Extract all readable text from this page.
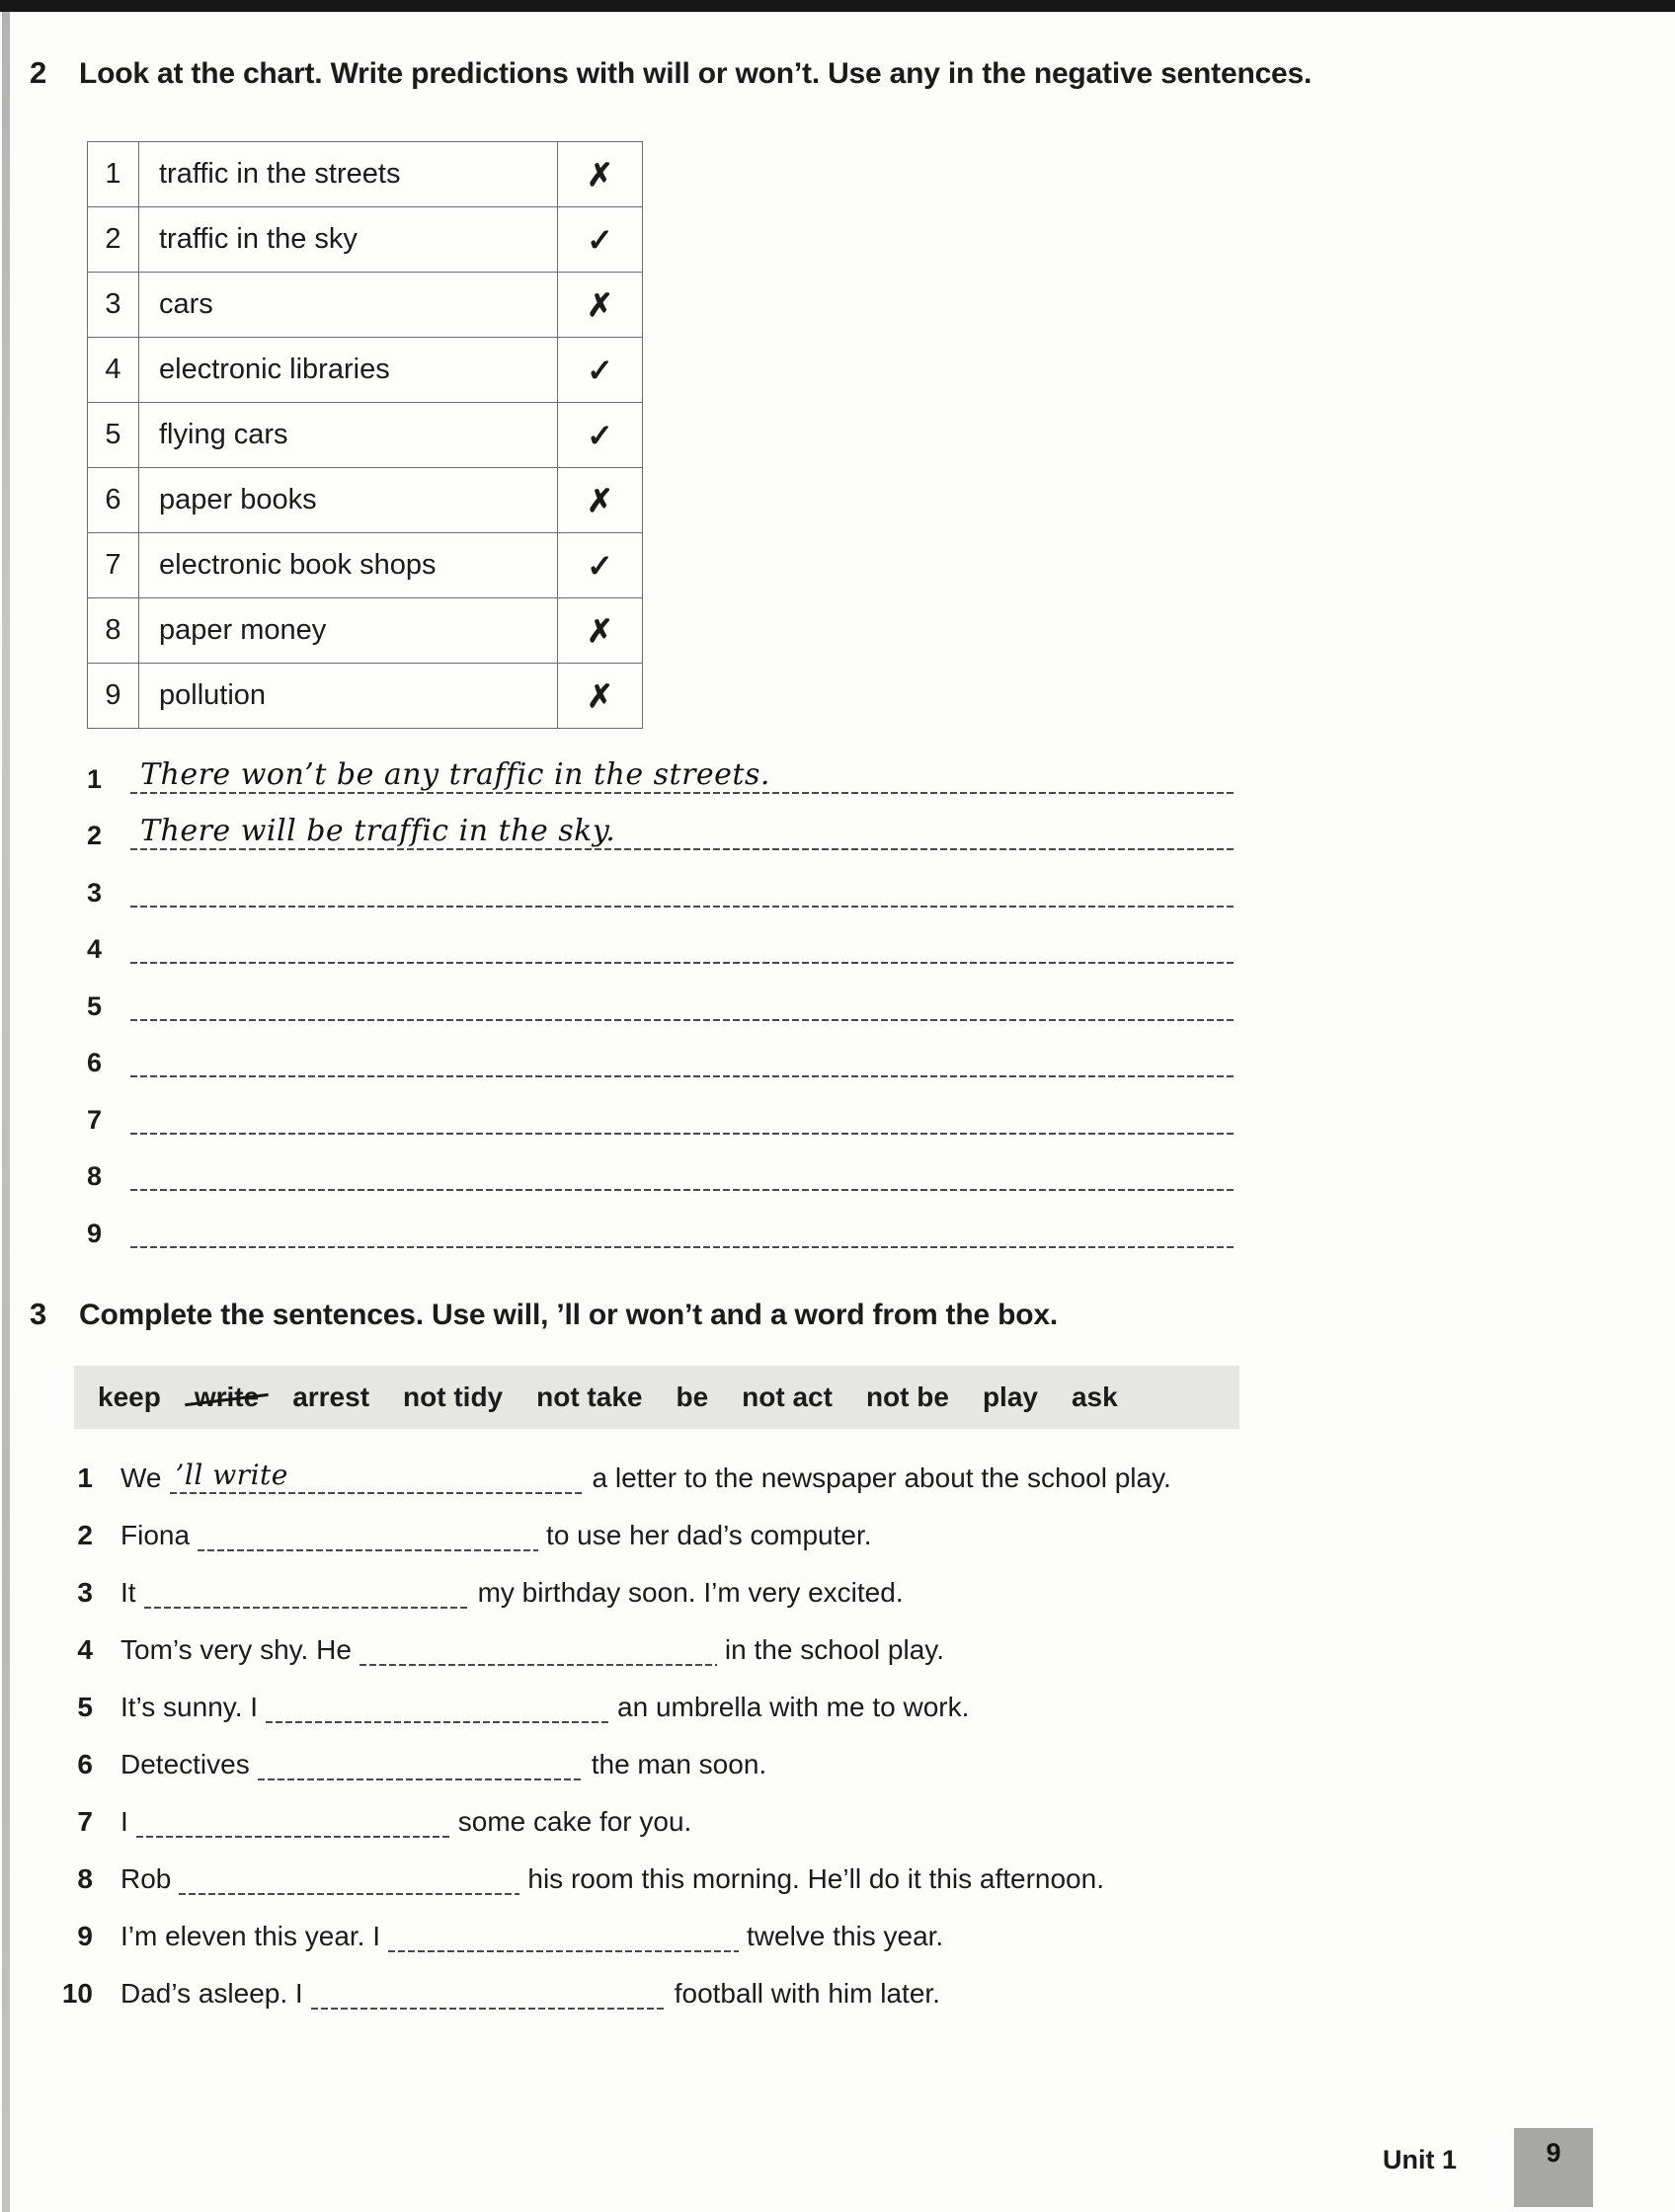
2	Look at the chart. Write predictions with will or won’t. Use any in the negative sentences.
1	traffic in the streets	✗
2	traffic in the sky	✓
3	cars	✗
4	electronic libraries	✓
5	flying cars	✓
6	paper books	✗
7	electronic book shops	✓
8	paper money	✗
9	pollution	✗
1	There won’t be any traffic in the streets.
2	There will be traffic in the sky.
3
4
5
6
7
8
9
3	Complete the sentences. Use will, ’ll or won’t and a word from the box.
keep write arrest not tidy not take be not act not be play ask
1 We ’ll write	a letter to the newspaper about the school play.
2 Fiona	to use her dad’s computer.
3 It	my birthday soon. I’m very excited.
4 Tom’s very shy. He	in the school play.
5 It’s sunny. I	an umbrella with me to work.
6 Detectives	the man soon.
7 I	some cake for you.
8 Rob	his room this morning. He’ll do it this afternoon.
9 I’m eleven this year. I	twelve this year.
10 Dad’s asleep. I	football with him later.
Unit 1	9
